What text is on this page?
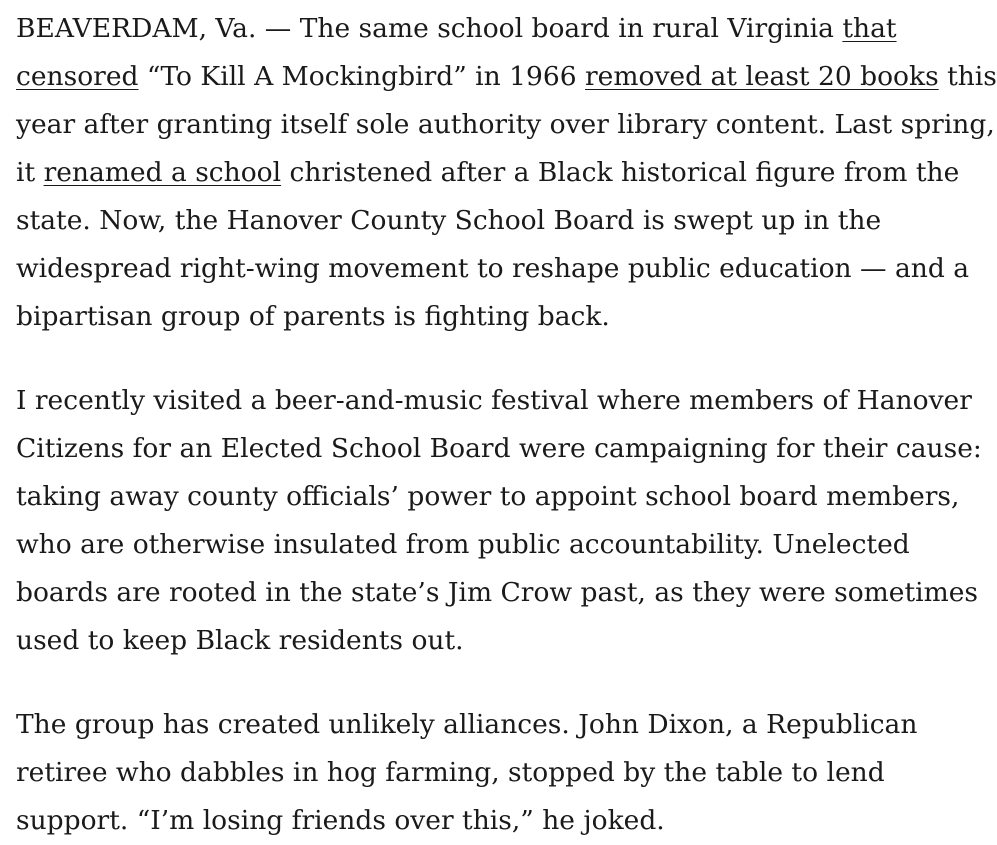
BEAVERDAM, Va. — The same school board in rural Virginia that
censored “To Kill A Mockingbird” in 1966 removed at least 20 books this
year after granting itself sole authority over library content. Last spring,
it renamed a school christened after a Black historical figure from the
state. Now, the Hanover County School Board is swept up in the
widespread right-wing movement to reshape public education — and a
bipartisan group of parents is fighting back.

I recently visited a beer-and-music festival where members of Hanover
Citizens for an Elected School Board were campaigning for their cause:
taking away county officials’ power to appoint school board members,
who are otherwise insulated from public accountability. Unelected
boards are rooted in the state’s Jim Crow past, as they were sometimes
used to keep Black residents out.

The group has created unlikely alliances. John Dixon, a Republican
retiree who dabbles in hog farming, stopped by the table to lend
support. “I’m losing friends over this,” he joked.
